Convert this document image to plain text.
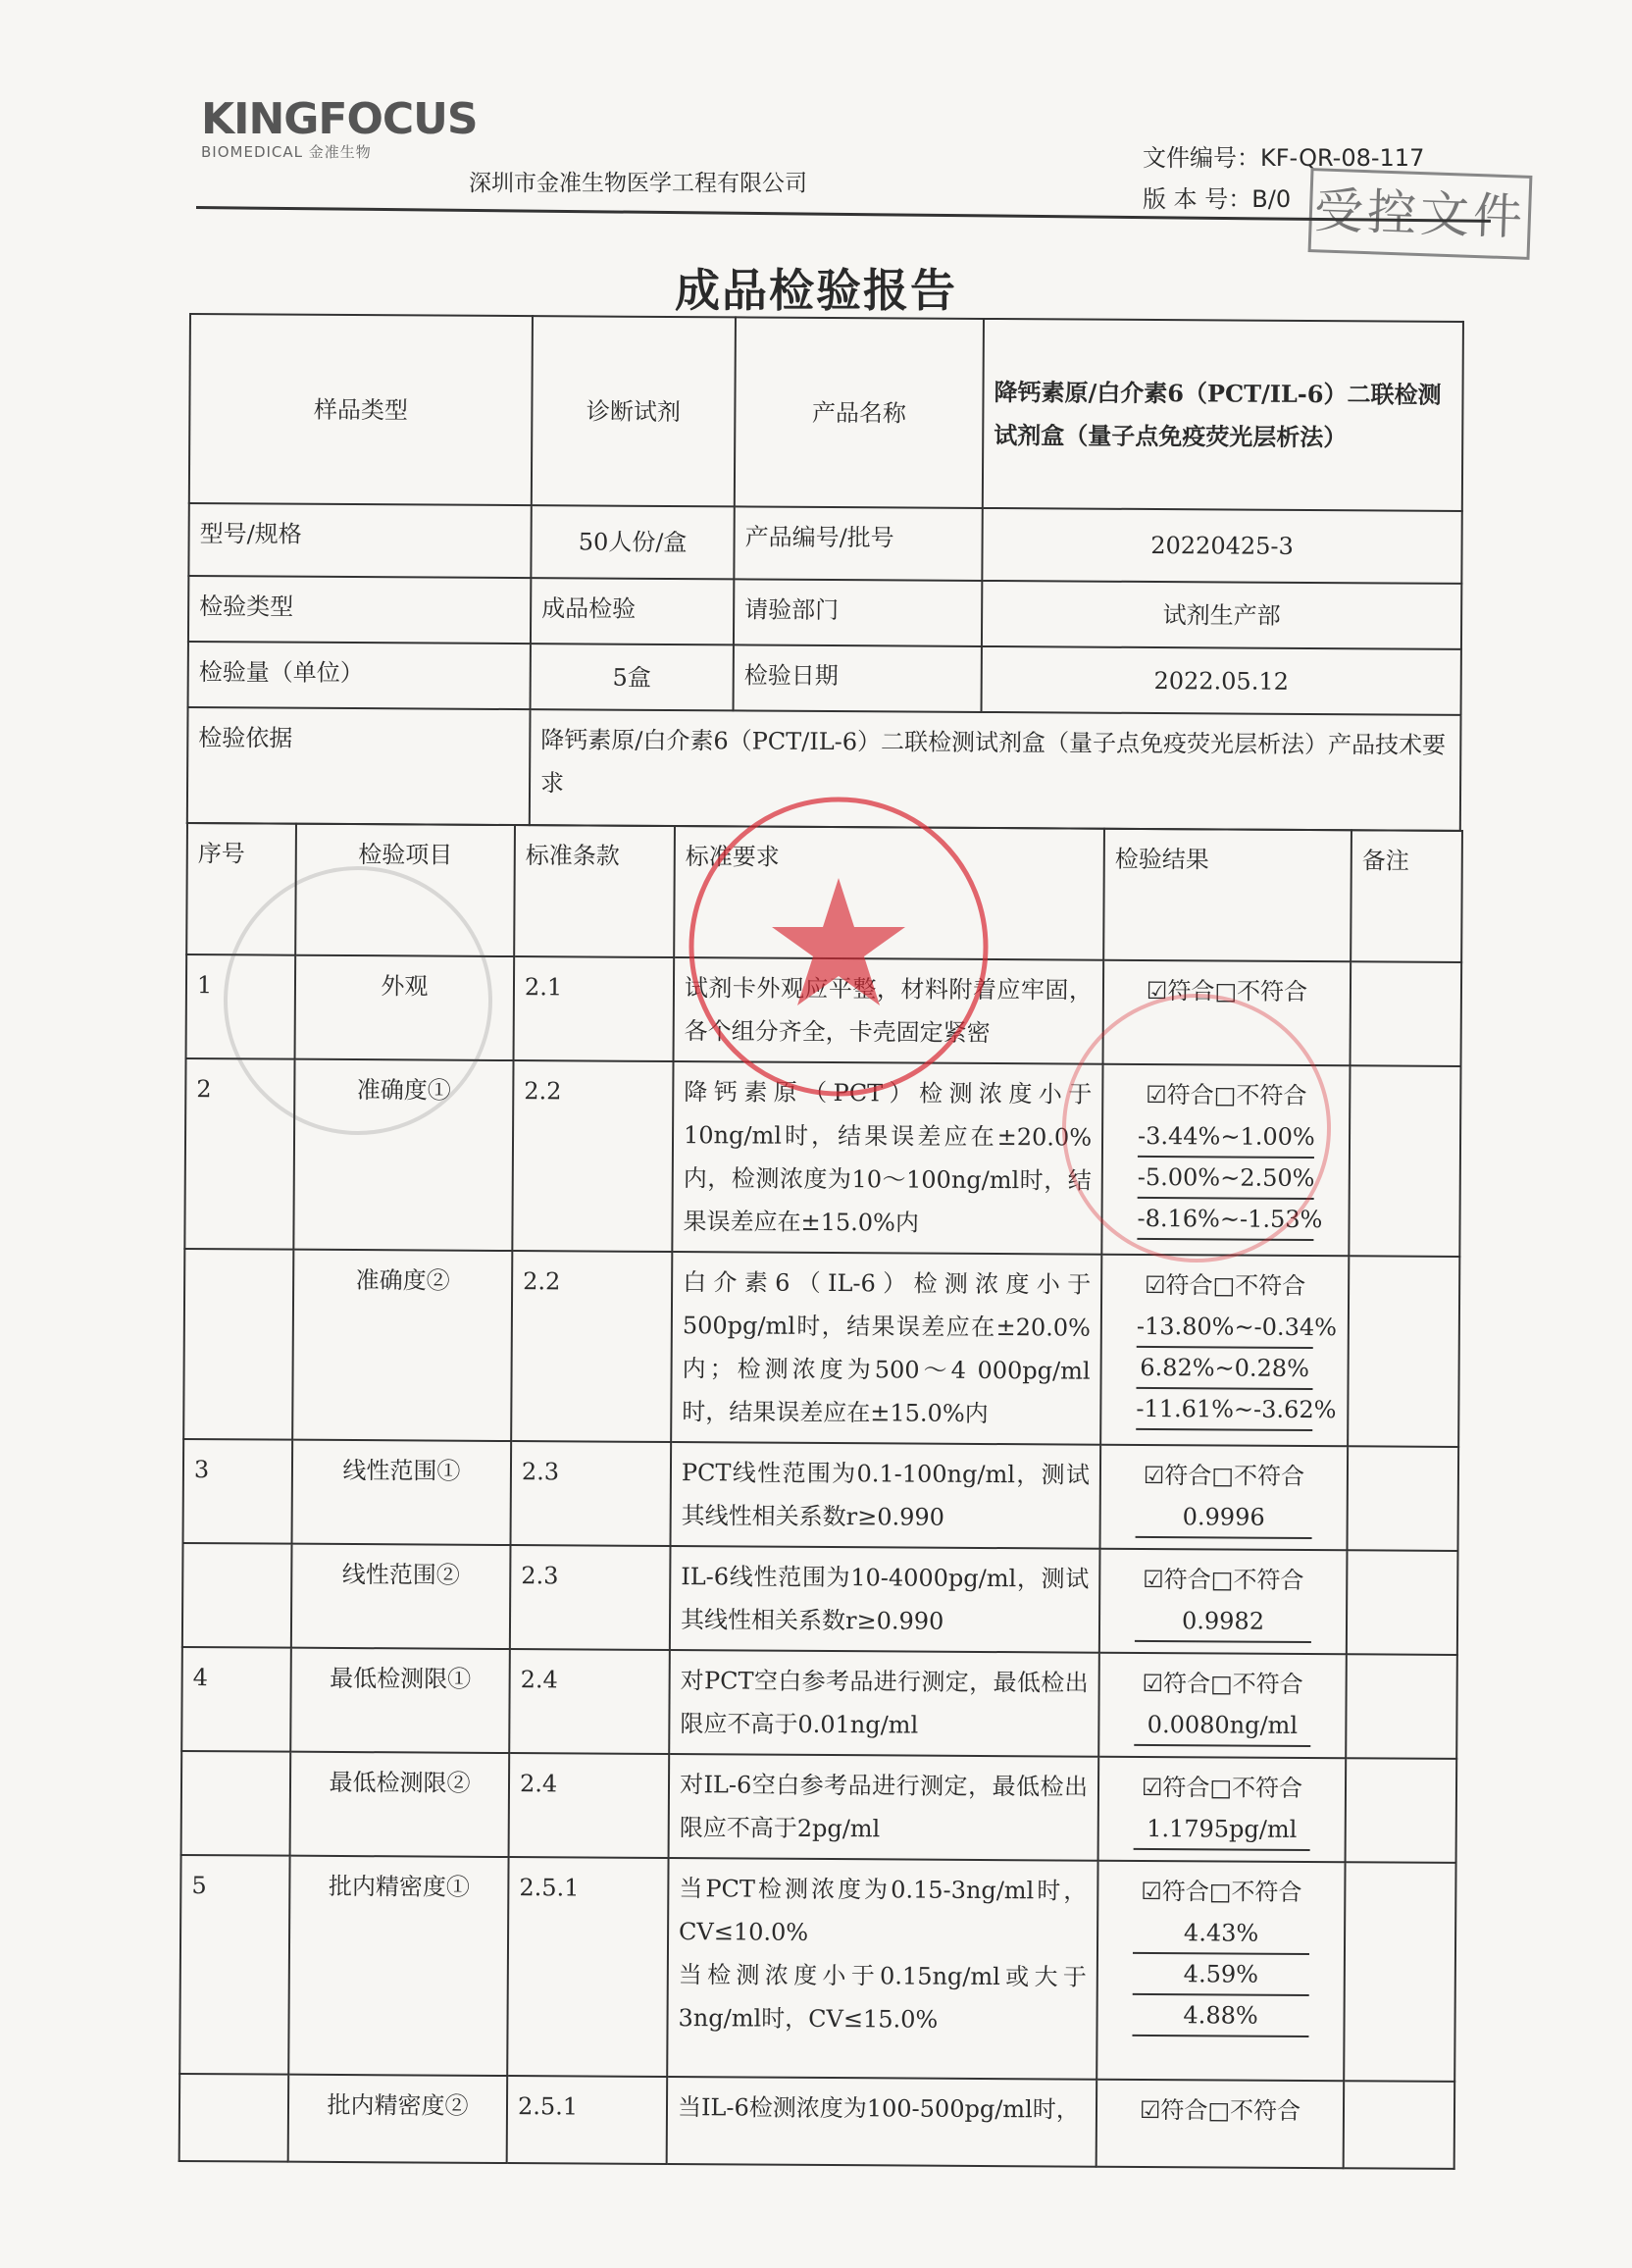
KINGFOCUS
BIOMEDICAL 金准生物
深圳市金准生物医学工程有限公司
文件编号：KF-QR-08-117
版 本 号：B/0 受控文件
成品检验报告
样品类型	诊断试剂	产品名称	降钙素原/白介素6（PCT/IL-6）二联检测试剂盒（量子点免疫荧光层析法）
型号/规格	50人份/盒	产品编号/批号	20220425-3
检验类型	成品检验	请验部门	试剂生产部
检验量（单位）	5盒	检验日期	2022.05.12
检验依据	降钙素原/白介素6（PCT/IL-6）二联检测试剂盒（量子点免疫荧光层析法）产品技术要求		
序号	检验项目	标准条款	标准要求	检验结果	备注
1	外观	2.1	试剂卡外观应平整，材料附着应牢固，各个组分齐全，卡壳固定紧密	☑符合□不符合	

2	准确度①	2.2	降钙素原（PCT）检测浓度小于10ng/ml时，结果误差应在±20.0%内，检测浓度为10～100ng/ml时，结果误差应在±15.0%内	☑符合□不符合
-3.44%~1.00%
-5.00%~2.50%
-8.16%~-1.53%	

	准确度②	2.2	白介素6（IL-6）检测浓度小于500pg/ml时，结果误差应在±20.0%内；检测浓度为500～4 000pg/ml时，结果误差应在±15.0%内	☑符合□不符合
-13.80%~-0.34%
6.82%~0.28%
-11.61%~-3.62%	

3	线性范围①	2.3	PCT线性范围为0.1-100ng/ml，测试其线性相关系数r≥0.990	☑符合□不符合
0.9996	

	线性范围②	2.3	IL-6线性范围为10-4000pg/ml，测试其线性相关系数r≥0.990	☑符合□不符合
0.9982	

4	最低检测限①	2.4	对PCT空白参考品进行测定，最低检出限应不高于0.01ng/ml	☑符合□不符合
0.0080ng/ml	

	最低检测限②	2.4	对IL-6空白参考品进行测定，最低检出限应不高于2pg/ml	☑符合□不符合
1.1795pg/ml	

5	批内精密度①	2.5.1	当PCT检测浓度为0.15-3ng/ml时，CV≤10.0%
当检测浓度小于0.15ng/ml或大于3ng/ml时，CV≤15.0%	☑符合□不符合
4.43%
4.59%
4.88%	

	批内精密度②	2.5.1	当IL-6检测浓度为100-500pg/ml时，	☑符合□不符合	
